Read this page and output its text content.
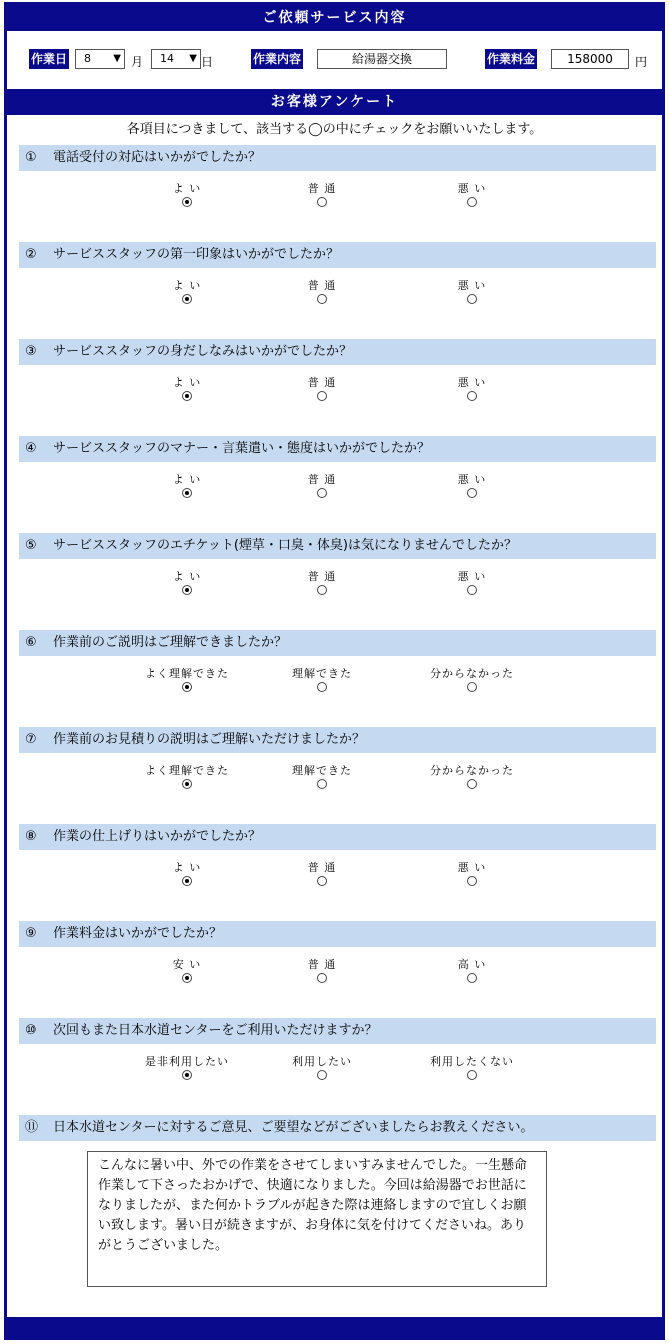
ご依頼サービス内容
作業日	8 ▼ 月	14 ▼ 日	作業内容	給湯器交換	作業料金	158000	円
お客様アンケート
各項目につきまして、該当する◯の中にチェックをお願いいたします。
① 電話受付の対応はいかがでしたか？
よ い	普 通	悪 い
② サービススタッフの第一印象はいかがでしたか？
よ い	普 通	悪 い
③ サービススタッフの身だしなみはいかがでしたか？
よ い	普 通	悪 い
④ サービススタッフのマナー・言葉遣い・態度はいかがでしたか？
よ い	普 通	悪 い
⑤ サービススタッフのエチケット(煙草・口臭・体臭)は気になりませんでしたか？
よ い	普 通	悪 い
⑥ 作業前のご説明はご理解できましたか？
よく理解できた	理解できた	分からなかった
⑦ 作業前のお見積りの説明はご理解いただけましたか？
よく理解できた	理解できた	分からなかった
⑧ 作業の仕上げりはいかがでしたか？
よ い	普 通	悪 い
⑨ 作業料金はいかがでしたか？
安 い	普 通	高 い
⑩ 次回もまた日本水道センターをご利用いただけますか？
是非利用したい	利用したい	利用したくない
⑪ 日本水道センターに対するご意見、ご要望などがございましたらお教えください。
こんなに暑い中、外での作業をさせてしまいすみませんでした。一生懸命作業して下さったおかげで、快適になりました。今回は給湯器でお世話になりましたが、また何かトラブルが起きた際は連絡しますので宜しくお願い致します。暑い日が続きますが、お身体に気を付けてくださいね。ありがとうございました。
